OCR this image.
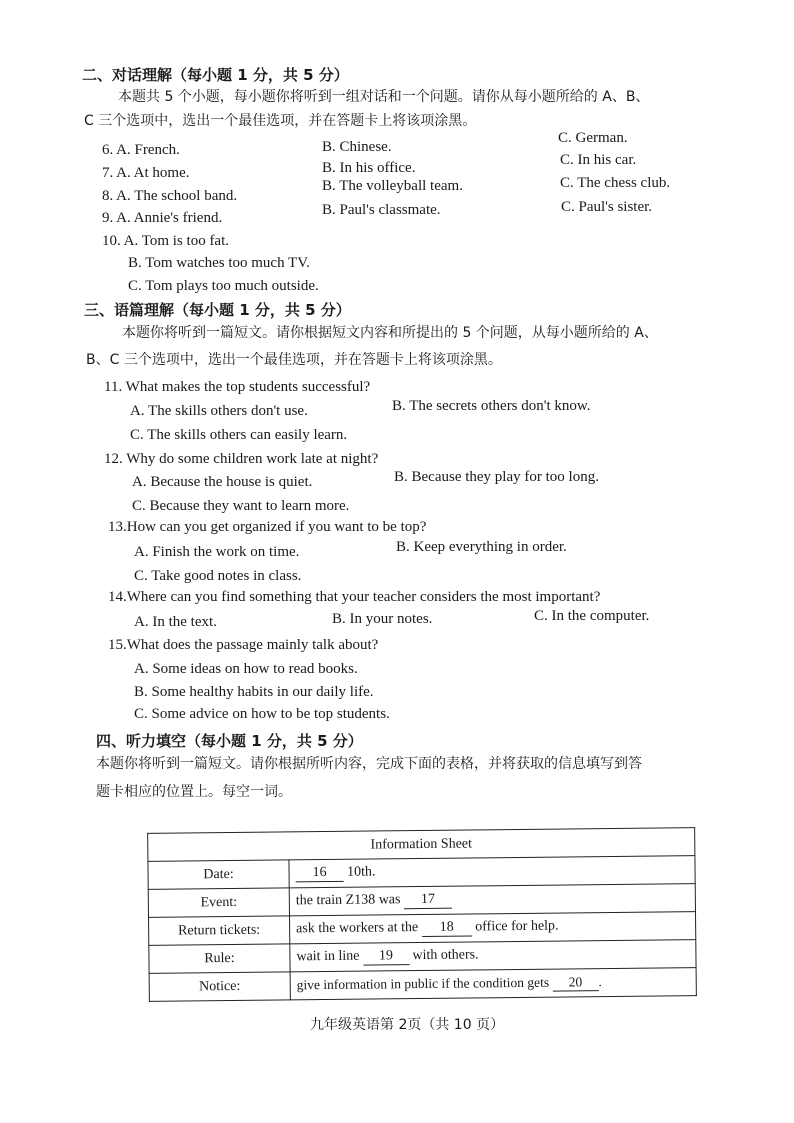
二、对话理解（每小题 1 分，共 5 分）
本题共 5 个小题，每小题你将听到一组对话和一个问题。请你从每小题所给的 A、B、
C 三个选项中，选出一个最佳选项，并在答题卡上将该项涂黑。
6. A. French.	B. Chinese.
C. German.
7. A. At home.	B. In his office.	C. In his car.
8. A. The school band.
B. The volleyball team.	C. The chess club.
9. A. Annie's friend.	B. Paul's classmate.	C. Paul's sister.
10. A. Tom is too fat.
B. Tom watches too much TV.
C. Tom plays too much outside.
三、语篇理解（每小题 1 分，共 5 分）
本题你将听到一篇短文。请你根据短文内容和所提出的 5 个问题，从每小题所给的 A、
B、C 三个选项中，选出一个最佳选项，并在答题卡上将该项涂黑。
11. What makes the top students successful?
A. The skills others don't use.	B. The secrets others don't know.
C. The skills others can easily learn.
12. Why do some children work late at night?
A. Because the house is quiet.	B. Because they play for too long.
C. Because they want to learn more.
13.How can you get organized if you want to be top?
A. Finish the work on time.	B. Keep everything in order.
C. Take good notes in class.
14.Where can you find something that your teacher considers the most important?
A. In the text.	B. In your notes.	C. In the computer.
15.What does the passage mainly talk about?
A. Some ideas on how to read books.
B. Some healthy habits in our daily life.
C. Some advice on how to be top students.
四、听力填空（每小题 1 分，共 5 分）
本题你将听到一篇短文。请你根据所听内容，完成下面的表格，并将获取的信息填写到答
题卡相应的位置上。每空一词。
Information Sheet	
Date:	16 10th.
Event:	the train Z138 was 17
Return tickets:	ask the workers at the 18 office for help.
Rule:	wait in line 19 with others.
Notice:	give information in public if the condition gets 20 .
九年级英语第 2页（共 10 页）
